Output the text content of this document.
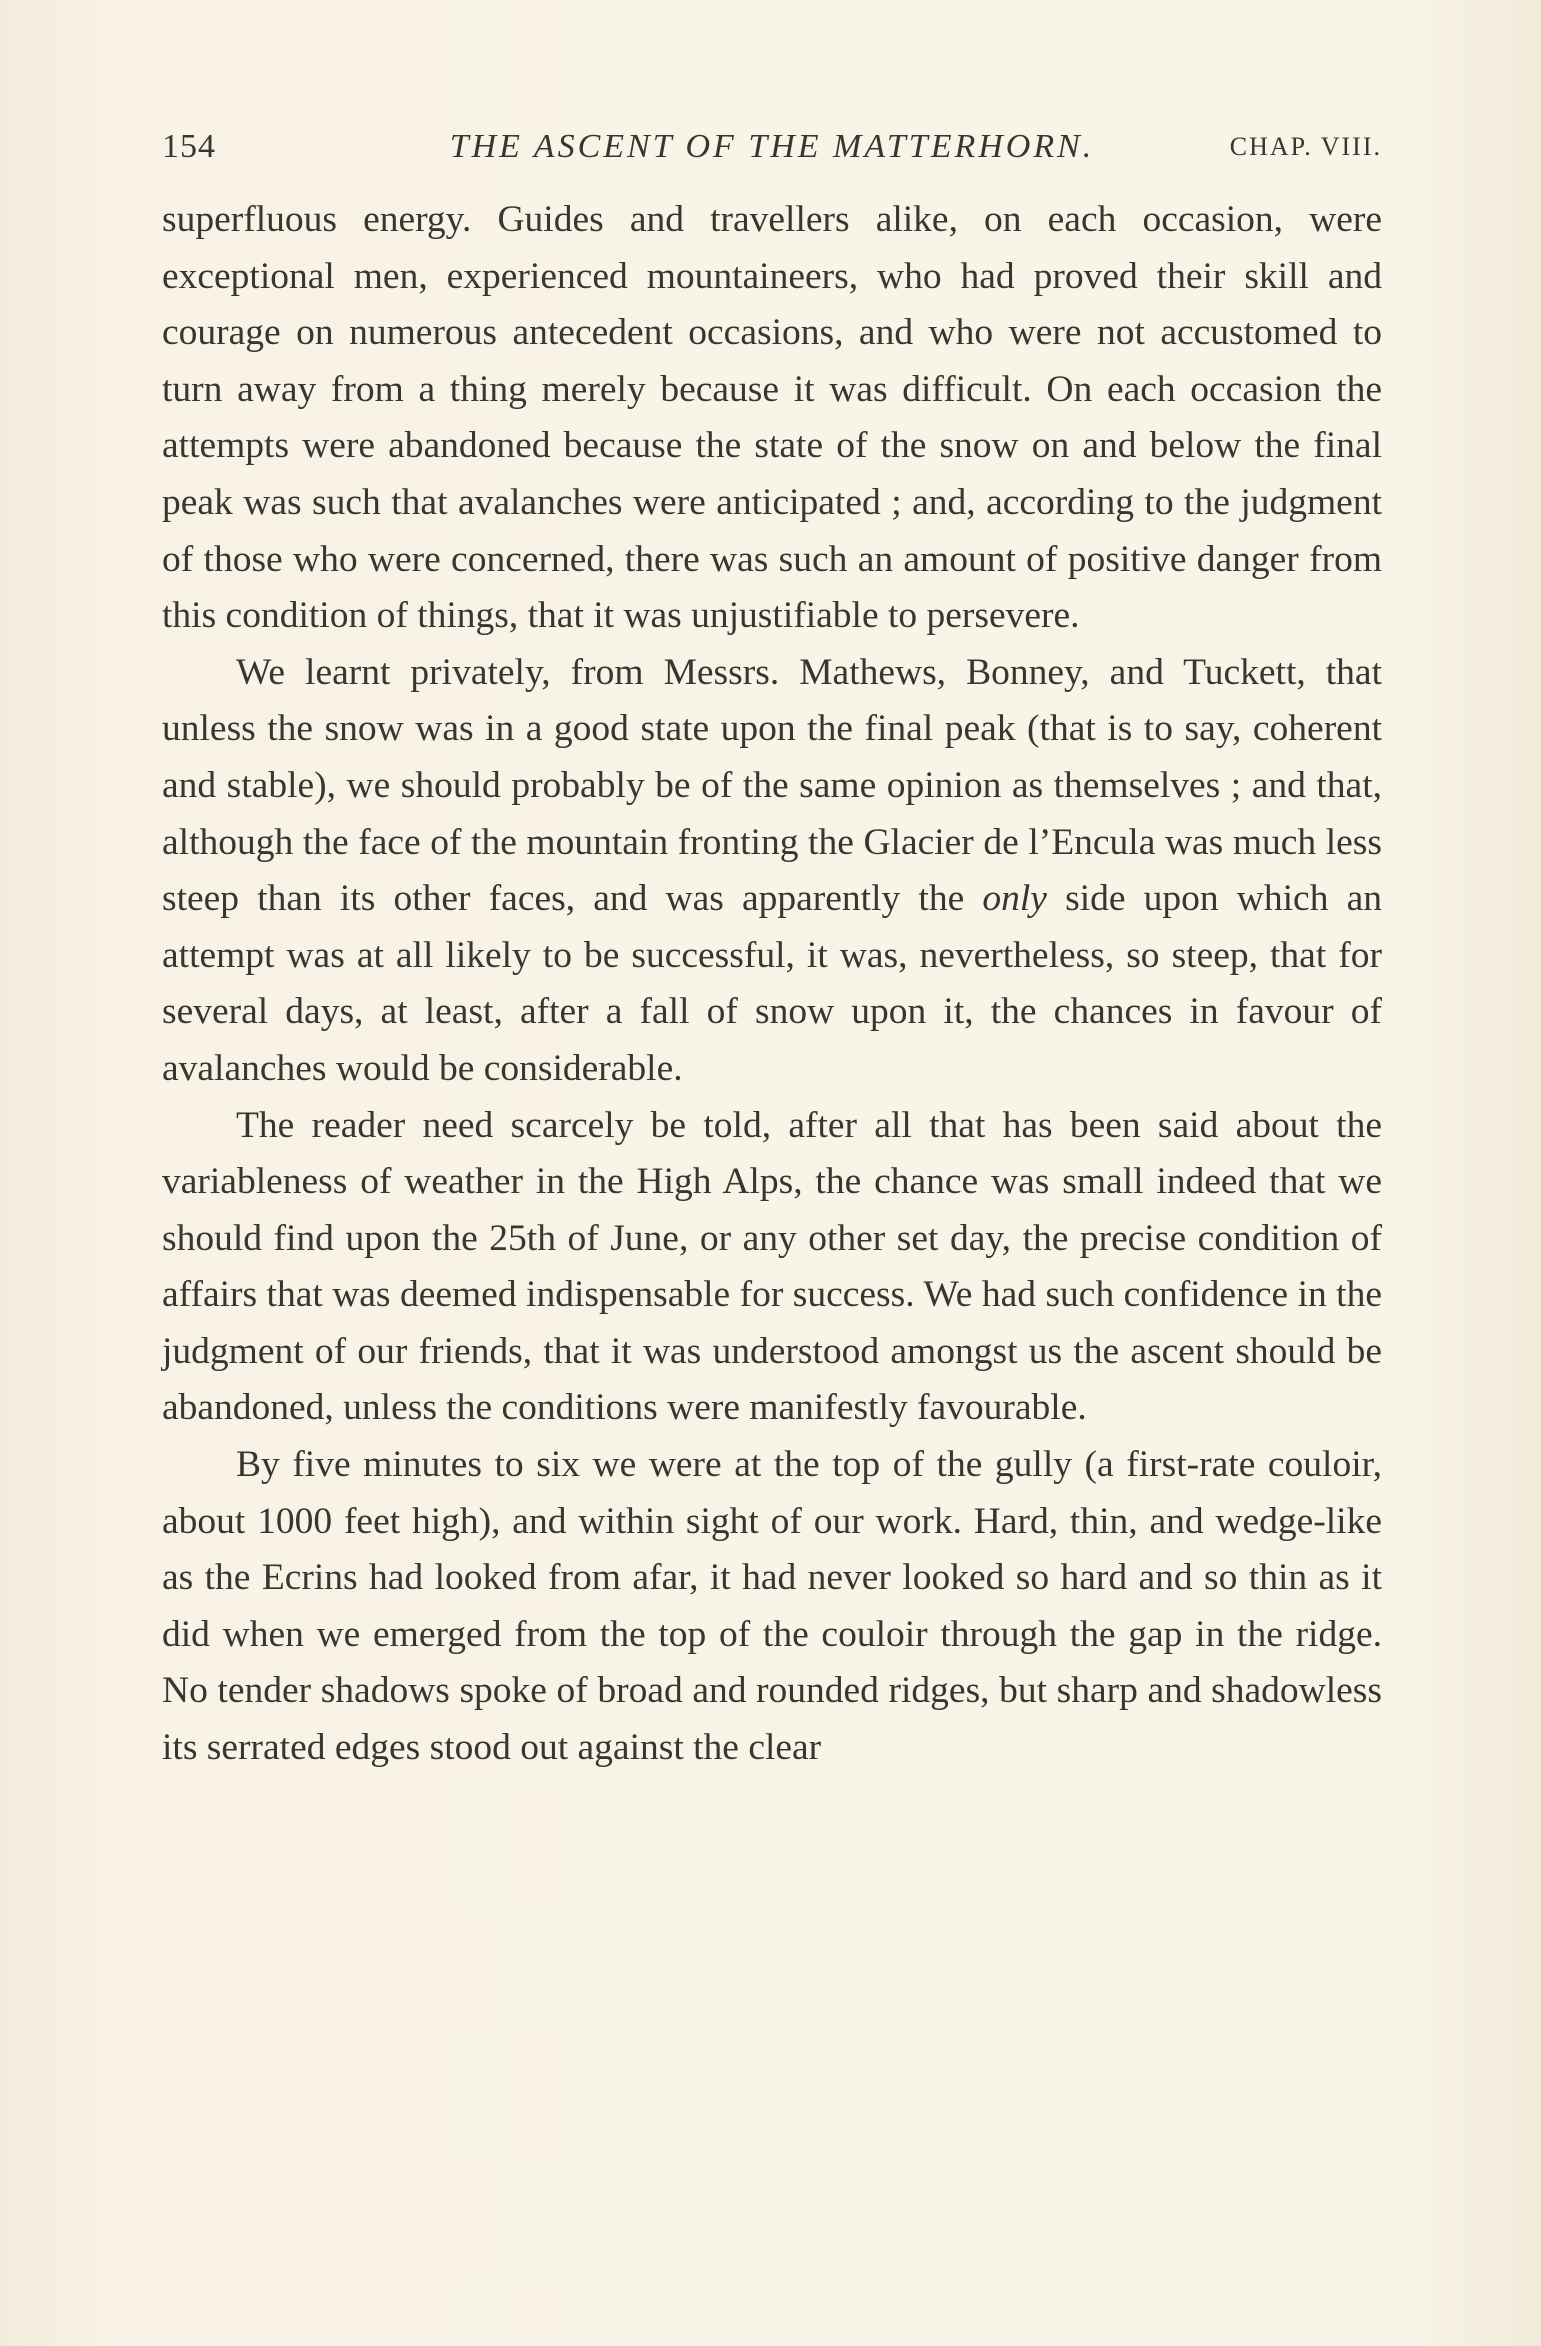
154	THE ASCENT OF THE MATTERHORN.	CHAP. VIII.

superfluous energy. Guides and travellers alike, on each occasion, were exceptional men, experienced mountaineers, who had proved their skill and courage on numerous antecedent occasions, and who were not accustomed to turn away from a thing merely because it was difficult. On each occasion the attempts were abandoned because the state of the snow on and below the final peak was such that avalanches were anticipated ; and, according to the judgment of those who were concerned, there was such an amount of positive danger from this condition of things, that it was unjustifiable to persevere.

We learnt privately, from Messrs. Mathews, Bonney, and Tuckett, that unless the snow was in a good state upon the final peak (that is to say, coherent and stable), we should probably be of the same opinion as themselves ; and that, although the face of the mountain fronting the Glacier de l’Encula was much less steep than its other faces, and was apparently the only side upon which an attempt was at all likely to be successful, it was, nevertheless, so steep, that for several days, at least, after a fall of snow upon it, the chances in favour of avalanches would be considerable.

The reader need scarcely be told, after all that has been said about the variableness of weather in the High Alps, the chance was small indeed that we should find upon the 25th of June, or any other set day, the precise condition of affairs that was deemed indispensable for success. We had such confidence in the judgment of our friends, that it was understood amongst us the ascent should be abandoned, unless the conditions were manifestly favourable.

By five minutes to six we were at the top of the gully (a first-rate couloir, about 1000 feet high), and within sight of our work. Hard, thin, and wedge-like as the Ecrins had looked from afar, it had never looked so hard and so thin as it did when we emerged from the top of the couloir through the gap in the ridge. No tender shadows spoke of broad and rounded ridges, but sharp and shadowless its serrated edges stood out against the clear
